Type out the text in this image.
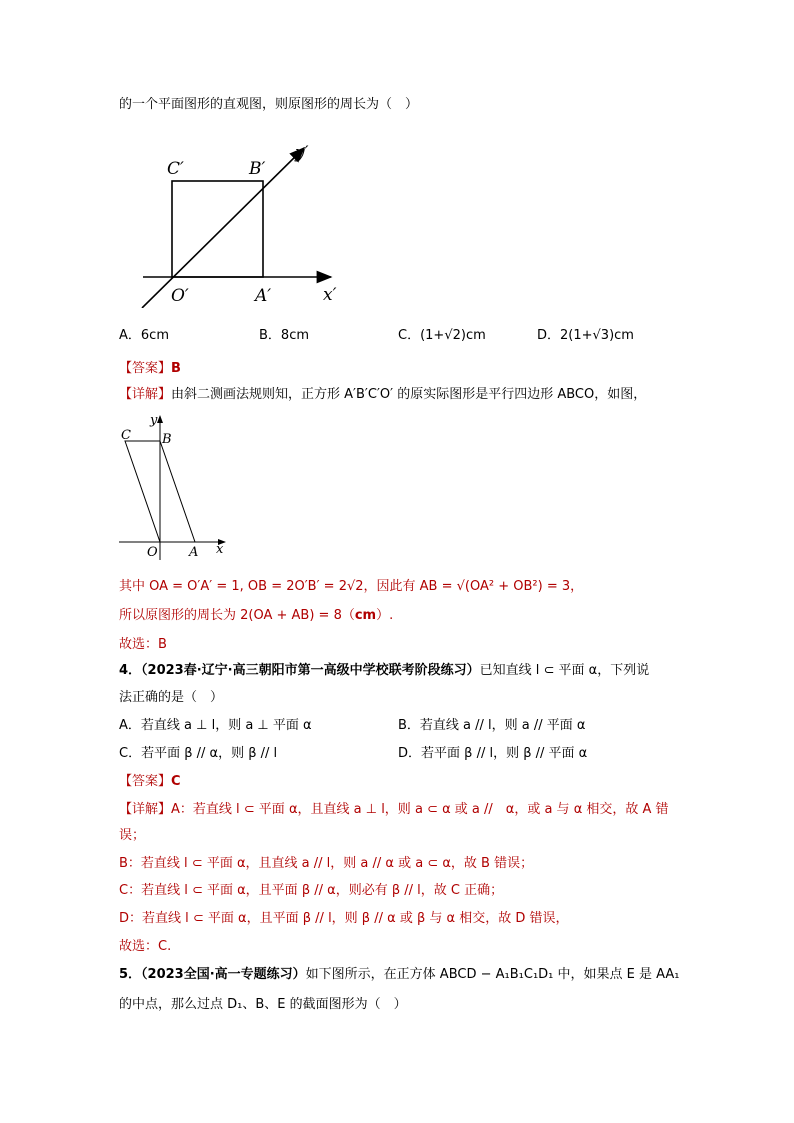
的一个平面图形的直观图，则原图形的周长为（　）
C′	B′
y′
O′	A′	x′
A．6cm	B．8cm	C．(1+√2)cm	D．2(1+√3)cm
【答案】B
【详解】由斜二测画法规则知，正方形 A′B′C′O′ 的原实际图形是平行四边形 ABCO，如图，
y
C B
O A x
其中 OA = O′A′ = 1, OB = 2O′B′ = 2√2，因此有 AB = √(OA² + OB²) = 3，
所以原图形的周长为 2(OA + AB) = 8（cm）.
故选：B
4．（2023春·辽宁·高三朝阳市第一高级中学校联考阶段练习）已知直线 l ⊂ 平面 α，下列说
法正确的是（　）
A．若直线 a ⊥ l，则 a ⊥ 平面 α	B．若直线 a // l，则 a // 平面 α
C．若平面 β // α，则 β // l	D．若平面 β // l，则 β // 平面 α
【答案】C
【详解】A：若直线 l ⊂ 平面 α，且直线 a ⊥ l，则 a ⊂ α 或 a //　α，或 a 与 α 相交，故 A 错
误；
B：若直线 l ⊂ 平面 α，且直线 a // l，则 a // α 或 a ⊂ α，故 B 错误；
C：若直线 l ⊂ 平面 α，且平面 β // α，则必有 β // l，故 C 正确；
D：若直线 l ⊂ 平面 α，且平面 β // l，则 β // α 或 β 与 α 相交，故 D 错误，
故选：C.
5．（2023全国·高一专题练习）如下图所示，在正方体 ABCD − A₁B₁C₁D₁ 中，如果点 E 是 AA₁
的中点，那么过点 D₁、B、E 的截面图形为（　）
